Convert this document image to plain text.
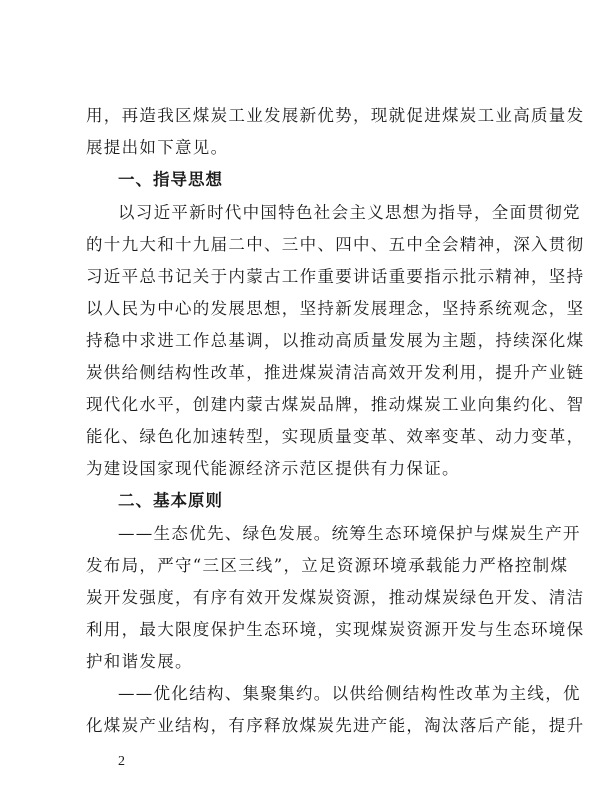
用，再造我区煤炭工业发展新优势，现就促进煤炭工业高质量发
展提出如下意见。
一、指导思想
以习近平新时代中国特色社会主义思想为指导，全面贯彻党
的十九大和十九届二中、三中、四中、五中全会精神，深入贯彻
习近平总书记关于内蒙古工作重要讲话重要指示批示精神，坚持
以人民为中心的发展思想，坚持新发展理念，坚持系统观念，坚
持稳中求进工作总基调，以推动高质量发展为主题，持续深化煤
炭供给侧结构性改革，推进煤炭清洁高效开发利用，提升产业链
现代化水平，创建内蒙古煤炭品牌，推动煤炭工业向集约化、智
能化、绿色化加速转型，实现质量变革、效率变革、动力变革，
为建设国家现代能源经济示范区提供有力保证。
二、基本原则
——生态优先、绿色发展。统筹生态环境保护与煤炭生产开
发布局，严守“三区三线”，立足资源环境承载能力严格控制煤
炭开发强度，有序有效开发煤炭资源，推动煤炭绿色开发、清洁
利用，最大限度保护生态环境，实现煤炭资源开发与生态环境保
护和谐发展。
——优化结构、集聚集约。以供给侧结构性改革为主线，优
化煤炭产业结构，有序释放煤炭先进产能，淘汰落后产能，提升
2
